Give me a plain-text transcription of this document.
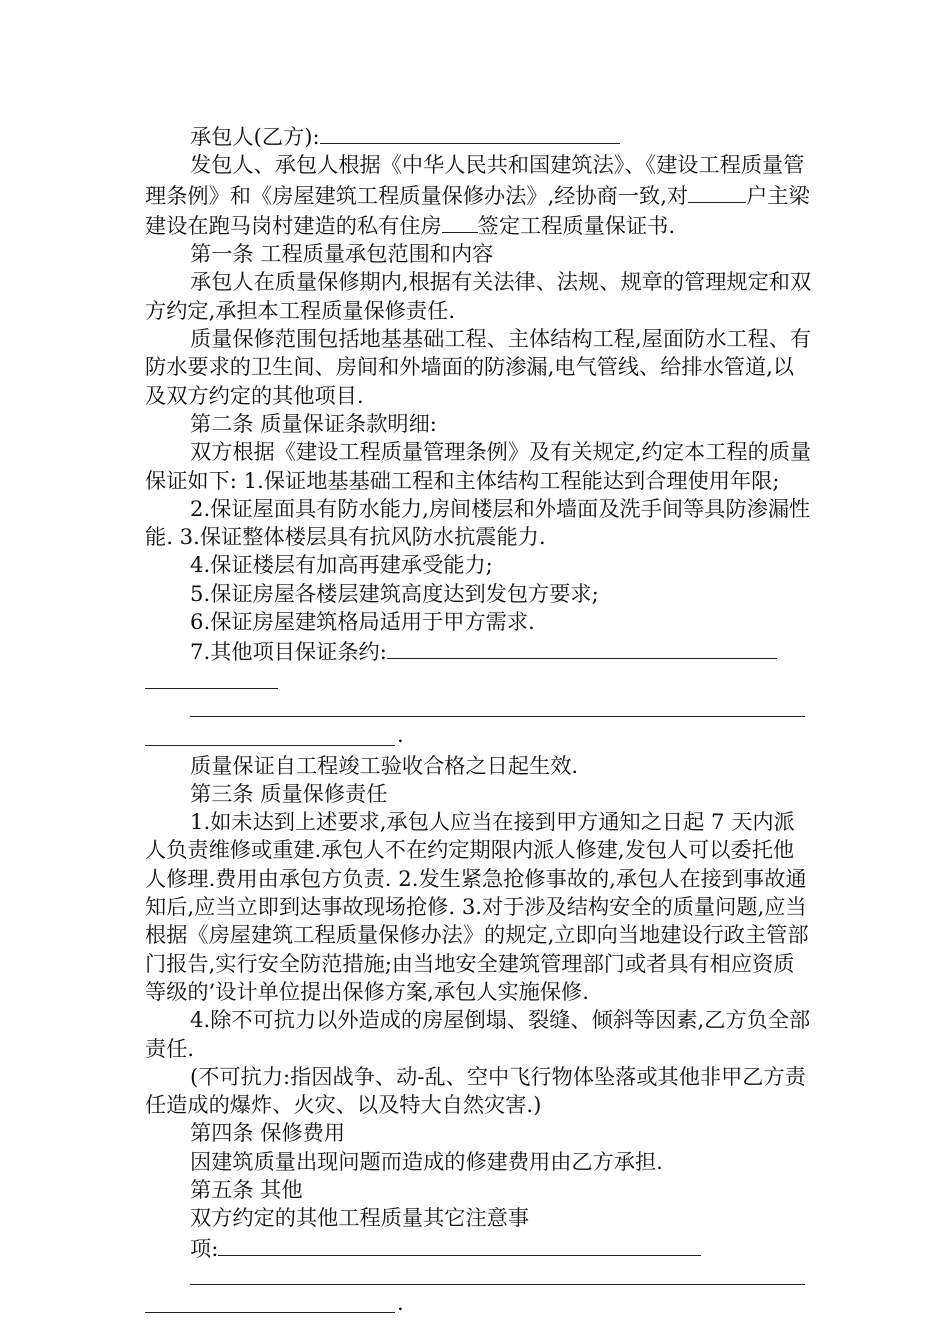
承包人(乙方):

发包人、承包人根据《中华人民共和国建筑法》、《建设工程质量管理条例》和《房屋建筑工程质量保修办法》,经协商一致,对	户主梁建设在跑马岗村建造的私有住房 签定工程质量保证书.

第一条 工程质量承包范围和内容

承包人在质量保修期内,根据有关法律、法规、规章的管理规定和双方约定,承担本工程质量保修责任.

质量保修范围包括地基基础工程、主体结构工程,屋面防水工程、有防水要求的卫生间、房间和外墙面的防渗漏,电气管线、给排水管道,以及双方约定的其他项目.

第二条 质量保证条款明细:

双方根据《建设工程质量管理条例》及有关规定,约定本工程的质量保证如下: 1.保证地基基础工程和主体结构工程能达到合理使用年限;

2.保证屋面具有防水能力,房间楼层和外墙面及洗手间等具防渗漏性能. 3.保证整体楼层具有抗风防水抗震能力.

4.保证楼层有加高再建承受能力;

5.保证房屋各楼层建筑高度达到发包方要求;

6.保证房屋建筑格局适用于甲方需求.

7.其他项目保证条约:

.

质量保证自工程竣工验收合格之日起生效.

第三条 质量保修责任

1.如未达到上述要求,承包人应当在接到甲方通知之日起 7 天内派人负责维修或重建.承包人不在约定期限内派人修建,发包人可以委托他人修理.费用由承包方负责. 2.发生紧急抢修事故的,承包人在接到事故通知后,应当立即到达事故现场抢修. 3.对于涉及结构安全的质量问题,应当根据《房屋建筑工程质量保修办法》的规定,立即向当地建设行政主管部门报告,实行安全防范措施;由当地安全建筑管理部门或者具有相应资质等级的’设计单位提出保修方案,承包人实施保修.

4.除不可抗力以外造成的房屋倒塌、裂缝、倾斜等因素,乙方负全部责任.

(不可抗力:指因战争、动-乱、空中飞行物体坠落或其他非甲乙方责任造成的爆炸、火灾、以及特大自然灾害.)

第四条 保修费用

因建筑质量出现问题而造成的修建费用由乙方承担.

第五条 其他

双方约定的其他工程质量其它注意事

项:

.
